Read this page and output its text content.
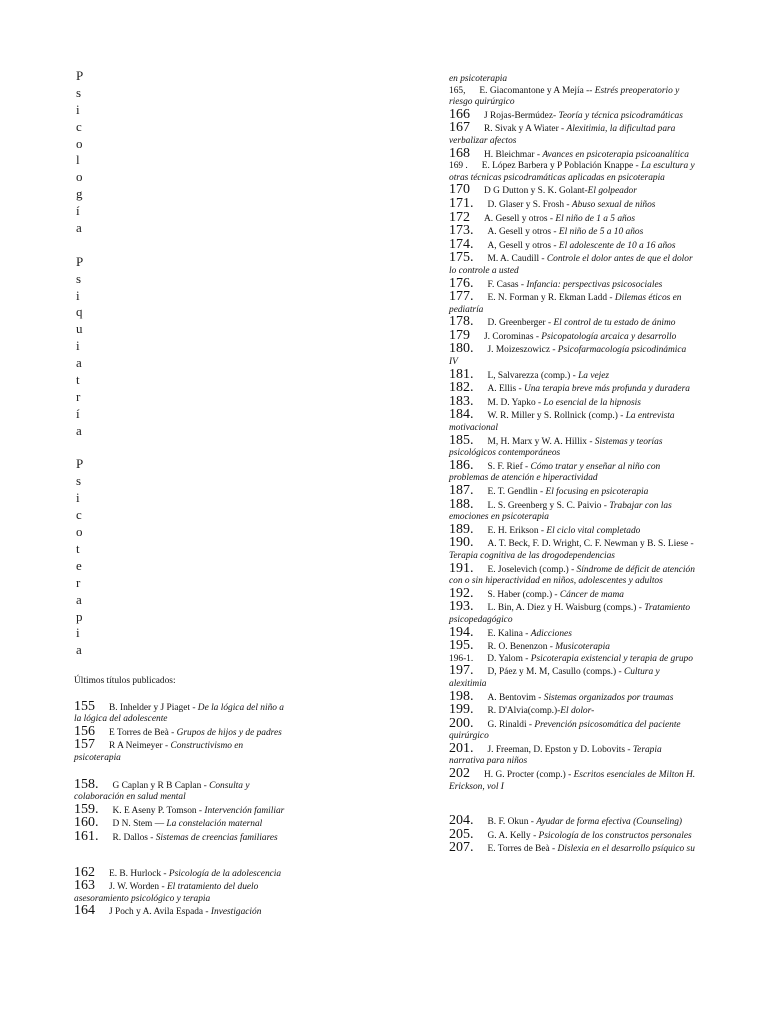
P
s
i
c
o
l
o
g
í
a
P
s
i
q
u
i
a
t
r
í
a
P
s
i
c
o
t
e
r
a
p
i
a
Últimos títulos publicados:
155 B. Inhelder y J Piaget - De la lógica del niño a la lógica del adolescente
156 E Torres de Beà - Grupos de hijos y de padres
157 R A Neimeyer - Constructivismo en psicoterapia
158. G Caplan y R B Caplan - Consulta y colaboración en salud mental
159. K. E Aseny P. Tomson - Intervención familiar
160. D N. Stem — La constelación maternal
161. R. Dallos - Sistemas de creencias familiares
162 E. B. Hurlock - Psicología de la adolescencia
163 J. W. Worden - El tratamiento del duelo asesoramiento psicológico y terapia
164 J Poch y A. Avila Espada - Investigación
en psicoterapia
165, E. Giacomantone y A Mejía -- Estrés preoperatorio y riesgo quirúrgico
166 J Rojas-Bermúdez- Teoría y técnica psicodramáticas
167 R. Sivak y A Wiater - Alexitimia, la dificultad para verbalizar afectos
168 H. Bleichmar - Avances en psicoterapia psicoanalítica
169 . E. López Barbera y P Población Knappe - La escultura y otras técnicas psicodramáticas aplicadas en psicoterapia
170 D G Dutton y S. K. Golant-El golpeador
171. D. Glaser y S. Frosh - Abuso sexual de niños
172 A. Gesell y otros - El niño de 1 a 5 años
173. A. Gesell y otros - El niño de 5 a 10 años
174. A, Gesell y otros - El adolescente de 10 a 16 años
175. M. A. Caudill - Controle el dolor antes de que el dolor lo controle a usted
176. F. Casas - Infancia: perspectivas psicosociales
177. E. N. Forman y R. Ekman Ladd - Dilemas éticos en pediatría
178. D. Greenberger - El control de tu estado de ánimo
179 J. Corominas - Psicopatología arcaica y desarrollo
180. J. Moizeszowicz - Psicofarmacología psicodinámica IV
181. L, Salvarezza (comp.) - La vejez
182. A. Ellis - Una terapia breve más profunda y duradera
183. M. D. Yapko - Lo esencial de la hipnosis
184. W. R. Miller y S. Rollnick (comp.) - La entrevista motivacional
185. M, H. Marx y W. A. Hillix - Sistemas y teorías psicológicos contemporáneos
186. S. F. Rief - Cómo tratar y enseñar al niño con problemas de atención e hiperactividad
187. E. T. Gendlin - El focusing en psicoterapia
188. L. S. Greenberg y S. C. Paivio - Trabajar con las emociones en psicoterapia
189. E. H. Erikson - El ciclo vital completado
190. A. T. Beck, F. D. Wright, C. F. Newman y B. S. Liese - Terapia cognitiva de las drogodependencias
191. E. Joselevich (comp.) - Síndrome de déficit de atención con o sin hiperactividad en niños, adolescentes y adultos
192. S. Haber (comp.) - Cáncer de mama
193. L. Bin, A. Diez y H. Waisburg (comps.) - Tratamiento psicopedagógico
194. E. Kalina - Adicciones
195. R. O. Benenzon - Musicoterapia
196-1. D. Yalom - Psicoterapia existencial y terapia de grupo
197. D, Páez y M. M, Casullo (comps.) - Cultura y alexitimia
198. A. Bentovim - Sistemas organizados por traumas
199. R. D'Alvia(comp.)-El dolor-
200. G. Rinaldi - Prevención psicosomática del paciente quirúrgico
201. J. Freeman, D. Epston y D. Lobovits - Terapia narrativa para niños
202 H. G. Procter (comp.) - Escritos esenciales de Milton H. Erickson, vol I
204. B. F. Okun - Ayudar de forma efectiva (Counseling)
205. G. A. Kelly - Psicología de los constructos personales
207. E. Torres de Beà - Dislexia en el desarrollo psíquico su
